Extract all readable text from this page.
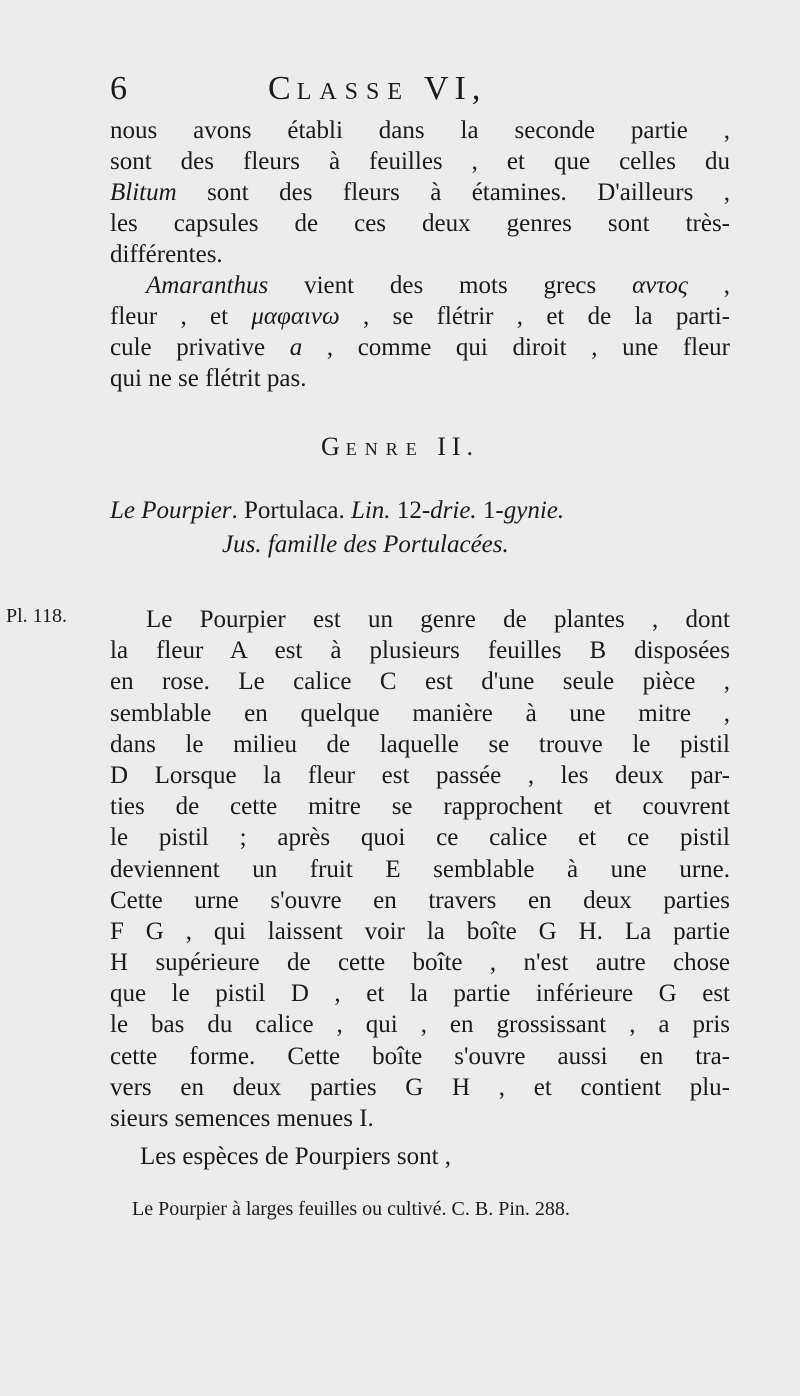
6	CLASSE VI,
nous avons établi dans la seconde partie ,
sont des fleurs à feuilles , et que celles du
Blitum sont des fleurs à étamines. D'ailleurs ,
les capsules de ces deux genres sont très-
différentes.
Amaranthus vient des mots grecs αντος ,
fleur , et μαφαινω , se flétrir , et de la parti-
cule privative a , comme qui diroit , une fleur
qui ne se flétrit pas.
GENRE II.
Le Pourpier. Portulaca. Lin. 12-drie. 1-gynie.
Jus. famille des Portulacées.
Pl. 118.	Le Pourpier est un genre de plantes , dont
la fleur A est à plusieurs feuilles B disposées
en rose. Le calice C est d'une seule pièce ,
semblable en quelque manière à une mitre ,
dans le milieu de laquelle se trouve le pistil
D Lorsque la fleur est passée , les deux par-
ties de cette mitre se rapprochent et couvrent
le pistil ; après quoi ce calice et ce pistil
deviennent un fruit E semblable à une urne.
Cette urne s'ouvre en travers en deux parties
F G , qui laissent voir la boîte G H. La partie
H supérieure de cette boîte , n'est autre chose
que le pistil D , et la partie inférieure G est
le bas du calice , qui , en grossissant , a pris
cette forme. Cette boîte s'ouvre aussi en tra-
vers en deux parties G H , et contient plu-
sieurs semences menues I.
Les espèces de Pourpiers sont ,
Le Pourpier à larges feuilles ou cultivé. C. B. Pin. 288.
